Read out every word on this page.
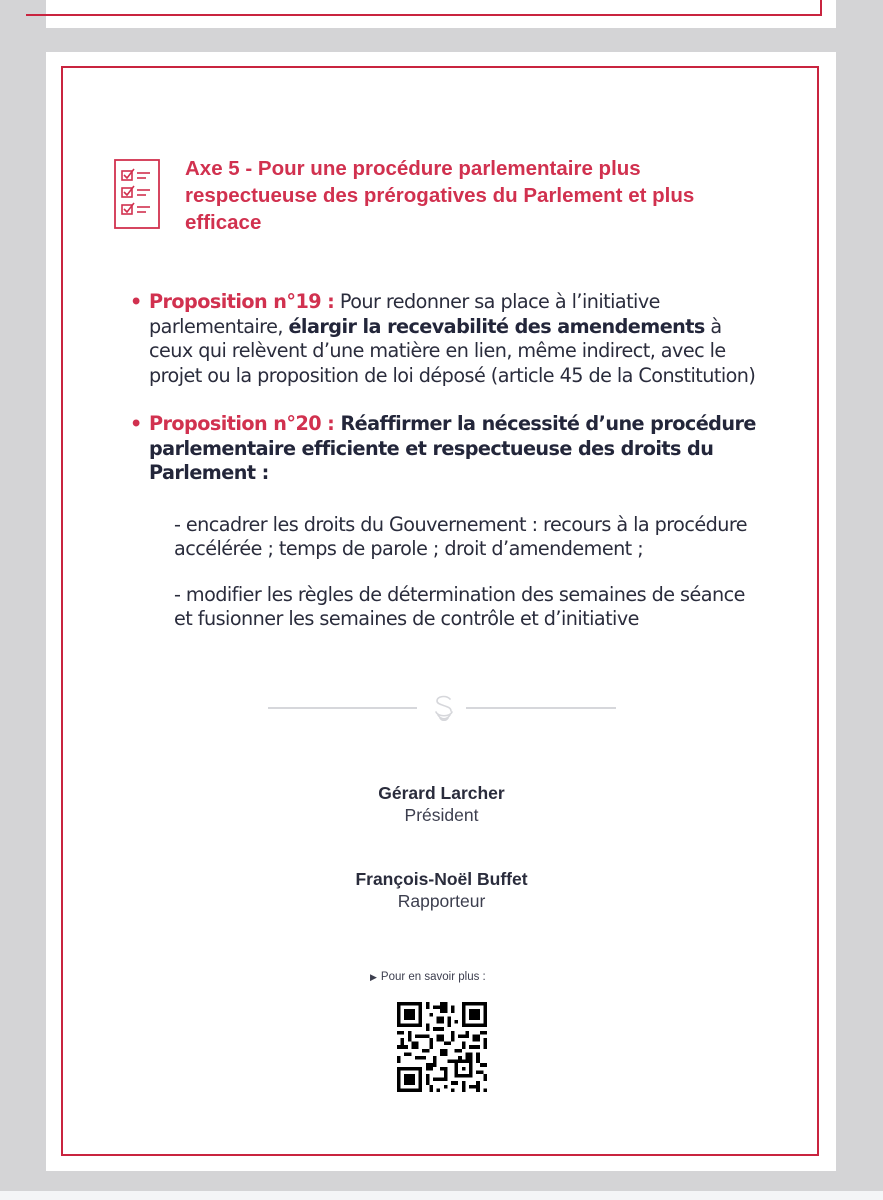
Axe 5 - Pour une procédure parlementaire plus respectueuse des prérogatives du Parlement et plus efficace
• Proposition n°19 : Pour redonner sa place à l’initiative parlementaire, élargir la recevabilité des amendements à ceux qui relèvent d’une matière en lien, même indirect, avec le projet ou la proposition de loi déposé (article 45 de la Constitution)
• Proposition n°20 : Réaffirmer la nécessité d’une procédure parlementaire efficiente et respectueuse des droits du Parlement :
- encadrer les droits du Gouvernement : recours à la procédure accélérée ; temps de parole ; droit d’amendement ;
- modifier les règles de détermination des semaines de séance et fusionner les semaines de contrôle et d’initiative
Gérard Larcher
Président
François-Noël Buffet
Rapporteur
▶ Pour en savoir plus :
